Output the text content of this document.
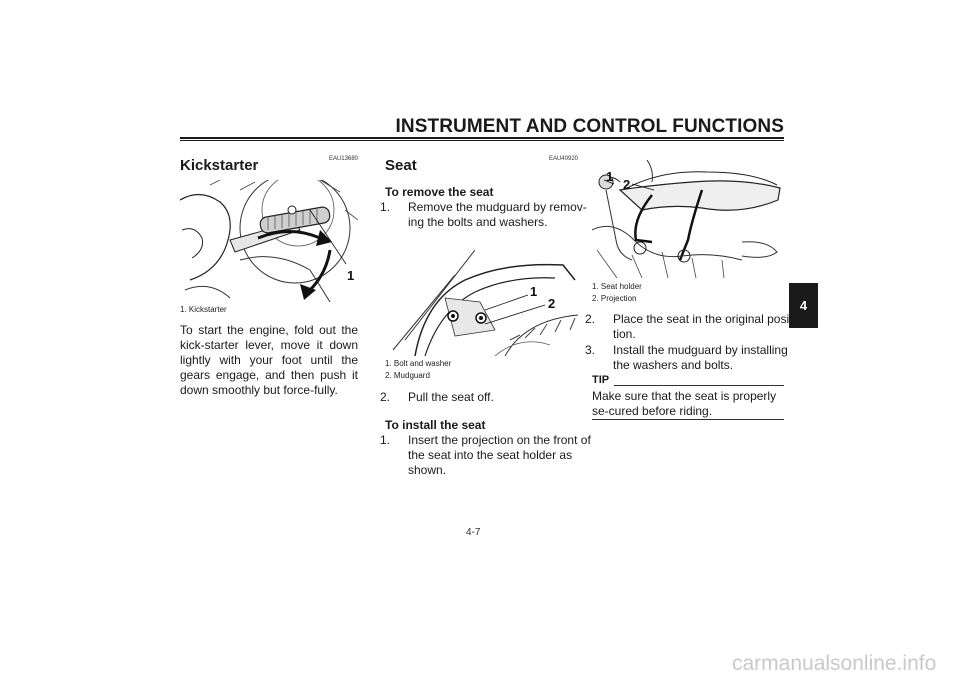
INSTRUMENT AND CONTROL FUNCTIONS
4
EAU13680
Kickstarter
1
1. Kickstarter
To start the engine, fold out the kick-starter lever, move it down lightly with your foot until the gears engage, and then push it down smoothly but force-fully.
EAU40920
Seat
To remove the seat
1. Remove the mudguard by remov-ing the bolts and washers.
1
2
1. Bolt and washer
2. Mudguard
2. Pull the seat off.
To install the seat
1. Insert the projection on the front of the seat into the seat holder as shown.
1
2
1. Seat holder
2. Projection
2. Place the seat in the original posi-tion.
3. Install the mudguard by installing the washers and bolts.
TIP
Make sure that the seat is properly se-cured before riding.
4-7
carmanualsonline.info
